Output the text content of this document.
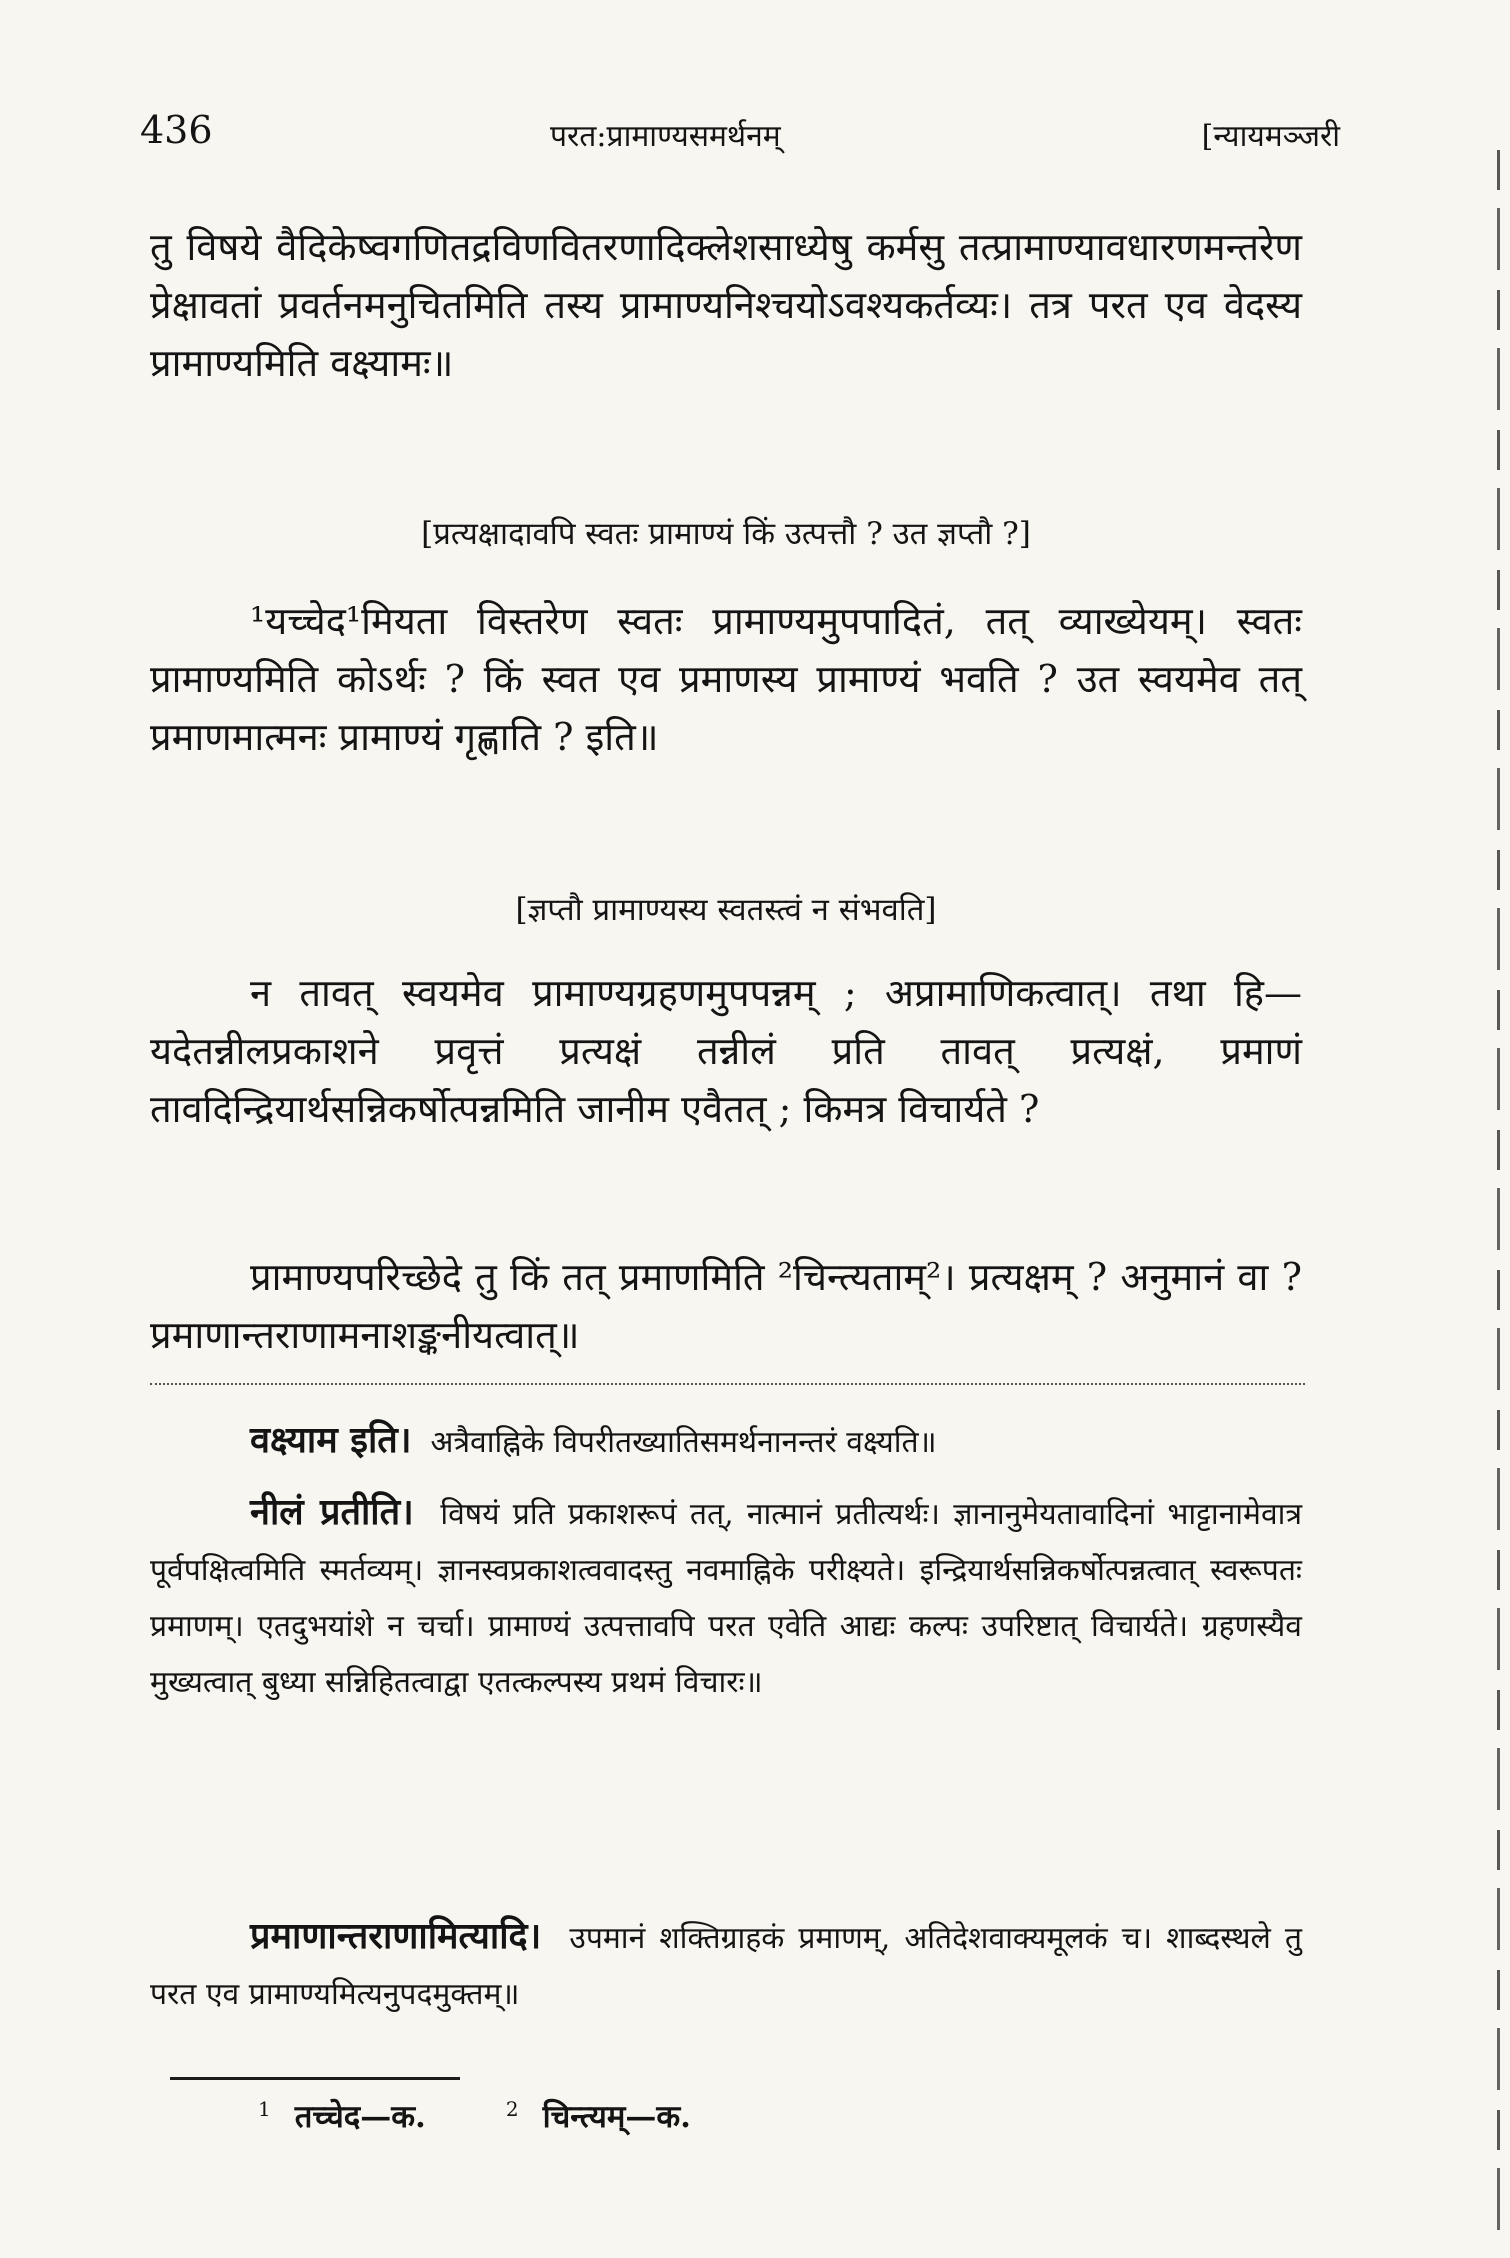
436	परत:प्रामाण्यसमर्थनम्	[न्यायमञ्जरी

तु विषये वैदिकेष्वगणितद्रविणवितरणादिक्लेशसाध्येषु कर्मसु तत्प्रामाण्यावधारणमन्तरेण प्रेक्षावतां प्रवर्तनमनुचितमिति तस्य प्रामाण्यनिश्चयोऽवश्यकर्तव्यः। तत्र परत एव वेदस्य प्रामाण्यमिति वक्ष्यामः॥

[प्रत्यक्षादावपि स्वतः प्रामाण्यं किं उत्पत्तौ ? उत ज्ञप्तौ ?]

¹यच्चेद¹मियता विस्तरेण स्वतः प्रामाण्यमुपपादितं, तत् व्याख्येयम्। स्वतः प्रामाण्यमिति कोऽर्थः ? किं स्वत एव प्रमाणस्य प्रामाण्यं भवति ? उत स्वयमेव तत् प्रमाणमात्मनः प्रामाण्यं गृह्णाति ? इति॥

[ज्ञप्तौ प्रामाण्यस्य स्वतस्त्वं न संभवति]

न तावत् स्वयमेव प्रामाण्यग्रहणमुपपन्नम् ; अप्रामाणिकत्वात्। तथा हि—यदेतन्नीलप्रकाशने प्रवृत्तं प्रत्यक्षं तन्नीलं प्रति तावत् प्रत्यक्षं, प्रमाणं तावदिन्द्रियार्थसन्निकर्षोत्पन्नमिति जानीम एवैतत् ; किमत्र विचार्यते ?

प्रामाण्यपरिच्छेदे तु किं तत् प्रमाणमिति ²चिन्त्यताम्²। प्रत्यक्षम् ? अनुमानं वा ? प्रमाणान्तराणामनाशङ्कनीयत्वात्॥

वक्ष्याम इति। अत्रैवाह्निके विपरीतख्यातिसमर्थनानन्तरं वक्ष्यति॥

नीलं प्रतीति। विषयं प्रति प्रकाशरूपं तत्, नात्मानं प्रतीत्यर्थः। ज्ञानानुमेयतावादिनां भाट्टानामेवात्र पूर्वपक्षित्वमिति स्मर्तव्यम्। ज्ञानस्वप्रकाशत्ववादस्तु नवमाह्निके परीक्ष्यते। इन्द्रियार्थसन्निकर्षोत्पन्नत्वात् स्वरूपतः प्रमाणम्। एतदुभयांशे न चर्चा। प्रामाण्यं उत्पत्तावपि परत एवेति आद्यः कल्पः उपरिष्टात् विचार्यते। ग्रहणस्यैव मुख्यत्वात् बुध्या सन्निहितत्वाद्वा एतत्कल्पस्य प्रथमं विचारः॥

प्रमाणान्तराणामित्यादि। उपमानं शक्तिग्राहकं प्रमाणम्, अतिदेशवाक्यमूलकं च। शाब्दस्थले तु परत एव प्रामाण्यमित्यनुपदमुक्तम्॥

$^1$ तच्चेद—क.	$^2$ चिन्त्यम्—क.
